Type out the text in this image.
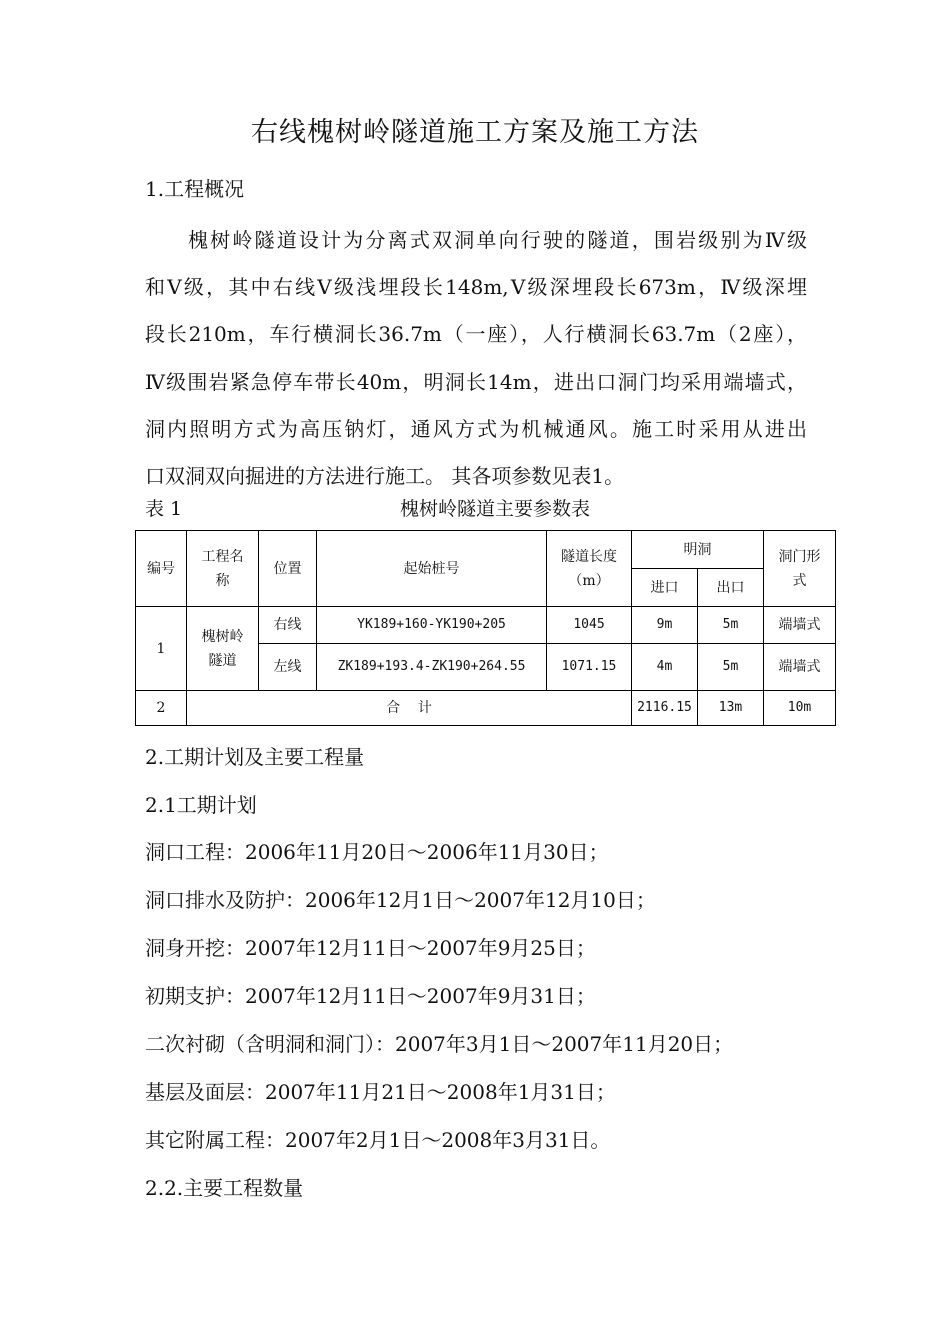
右线槐树岭隧道施工方案及施工方法
1.工程概况
槐树岭隧道设计为分离式双洞单向行驶的隧道，围岩级别为Ⅳ级
和Ⅴ级，其中右线Ⅴ级浅埋段长148m,Ⅴ级深埋段长673m，Ⅳ级深埋
段长210m，车行横洞长36.7m（一座），人行横洞长63.7m（2座），
Ⅳ级围岩紧急停车带长40m，明洞长14m，进出口洞门均采用端墙式，
洞内照明方式为高压钠灯，通风方式为机械通风。施工时采用从进出
口双洞双向掘进的方法进行施工。 其各项参数见表1。
表 1	槐树岭隧道主要参数表
编号	工程名称	位置	起始桩号	隧道长度（m）	明洞		洞门形式	
					进口	出口		
1	槐树岭隧道	右线	YK189+160-YK190+205	1045	9m	5m	端墙式	
		左线	ZK189+193.4-ZK190+264.55	1071.15	4m	5m	端墙式	
2	合    计				2116.15	13m	10m	
2.工期计划及主要工程量
2.1工期计划
洞口工程：2006年11月20日～2006年11月30日；
洞口排水及防护：2006年12月1日～2007年12月10日；
洞身开挖：2007年12月11日～2007年9月25日；
初期支护：2007年12月11日～2007年9月31日；
二次衬砌（含明洞和洞门）：2007年3月1日～2007年11月20日；
基层及面层：2007年11月21日～2008年1月31日；
其它附属工程：2007年2月1日～2008年3月31日。
2.2.主要工程数量
